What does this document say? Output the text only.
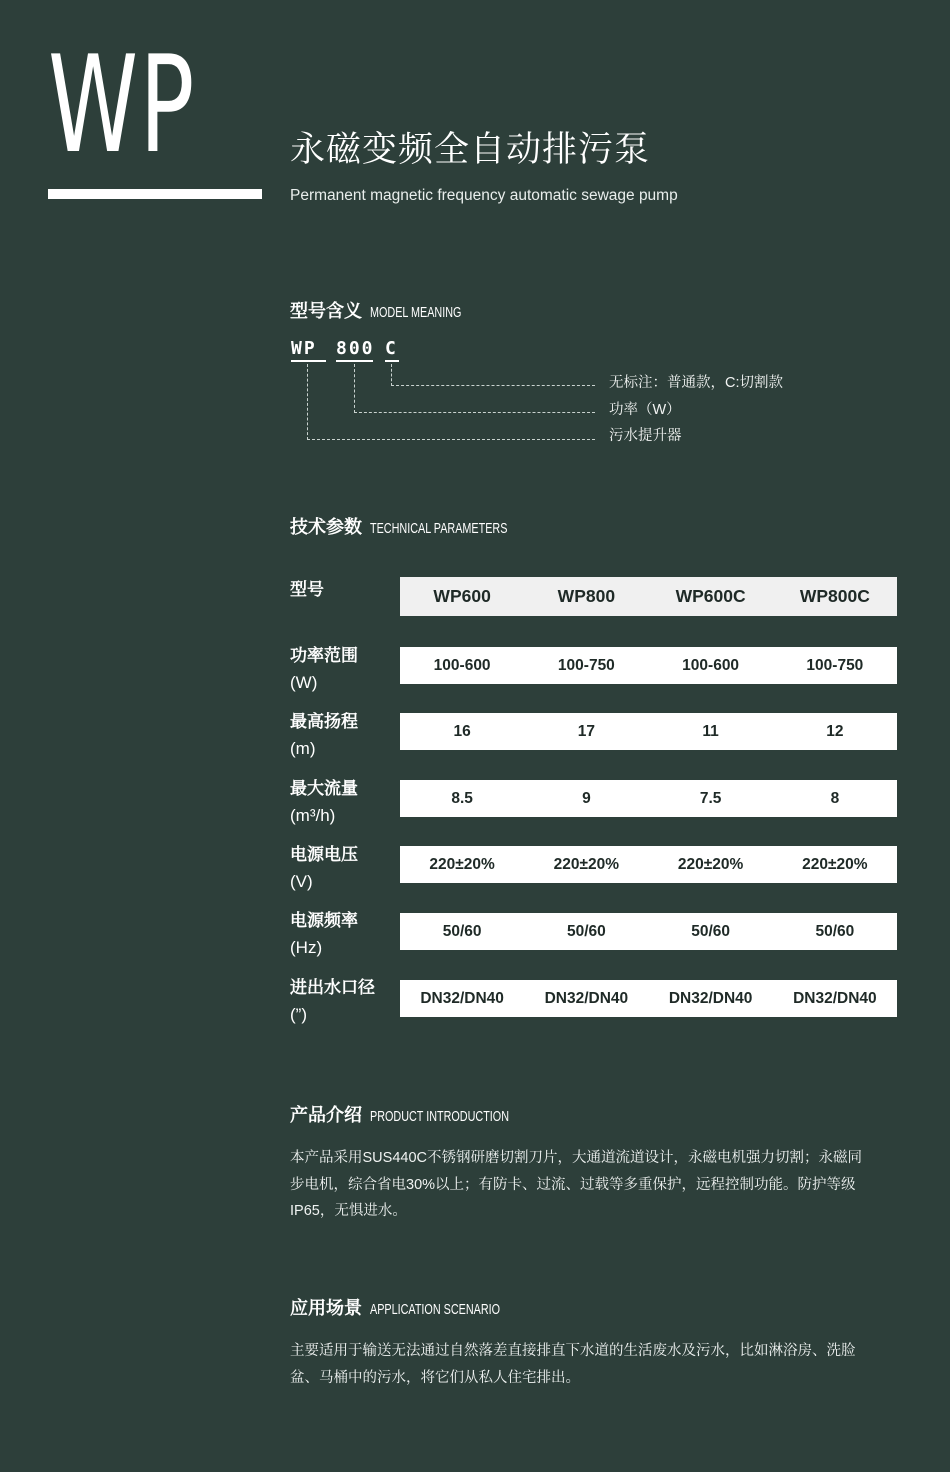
WP	永磁变频全自动排污泵
Permanent magnetic frequency automatic sewage pump
型号含义 MODEL MEANING
WP 800 C
无标注：普通款，C:切割款
功率（W）
污水提升器
技术参数 TECHNICAL PARAMETERS
型号	WP600	WP800	WP600C	WP800C
功率范围
(W)
100-600	100-750	100-600	100-750
最高扬程
(m)
16	17	11	12
最大流量
(m³/h)
8.5	9	7.5	8
电源电压
(V)
220±20%	220±20%	220±20%	220±20%
电源频率
(Hz)
50/60	50/60	50/60	50/60
进出水口径
(”)
DN32/DN40	DN32/DN40	DN32/DN40	DN32/DN40
产品介绍 PRODUCT INTRODUCTION
本产品采用SUS440C不锈钢研磨切割刀片，大通道流道设计，永磁电机强力切割；永磁同
步电机，综合省电30%以上；有防卡、过流、过载等多重保护，远程控制功能。防护等级
IP65，无惧进水。
应用场景 APPLICATION SCENARIO
主要适用于输送无法通过自然落差直接排直下水道的生活废水及污水，比如淋浴房、洗脸
盆、马桶中的污水，将它们从私人住宅排出。
